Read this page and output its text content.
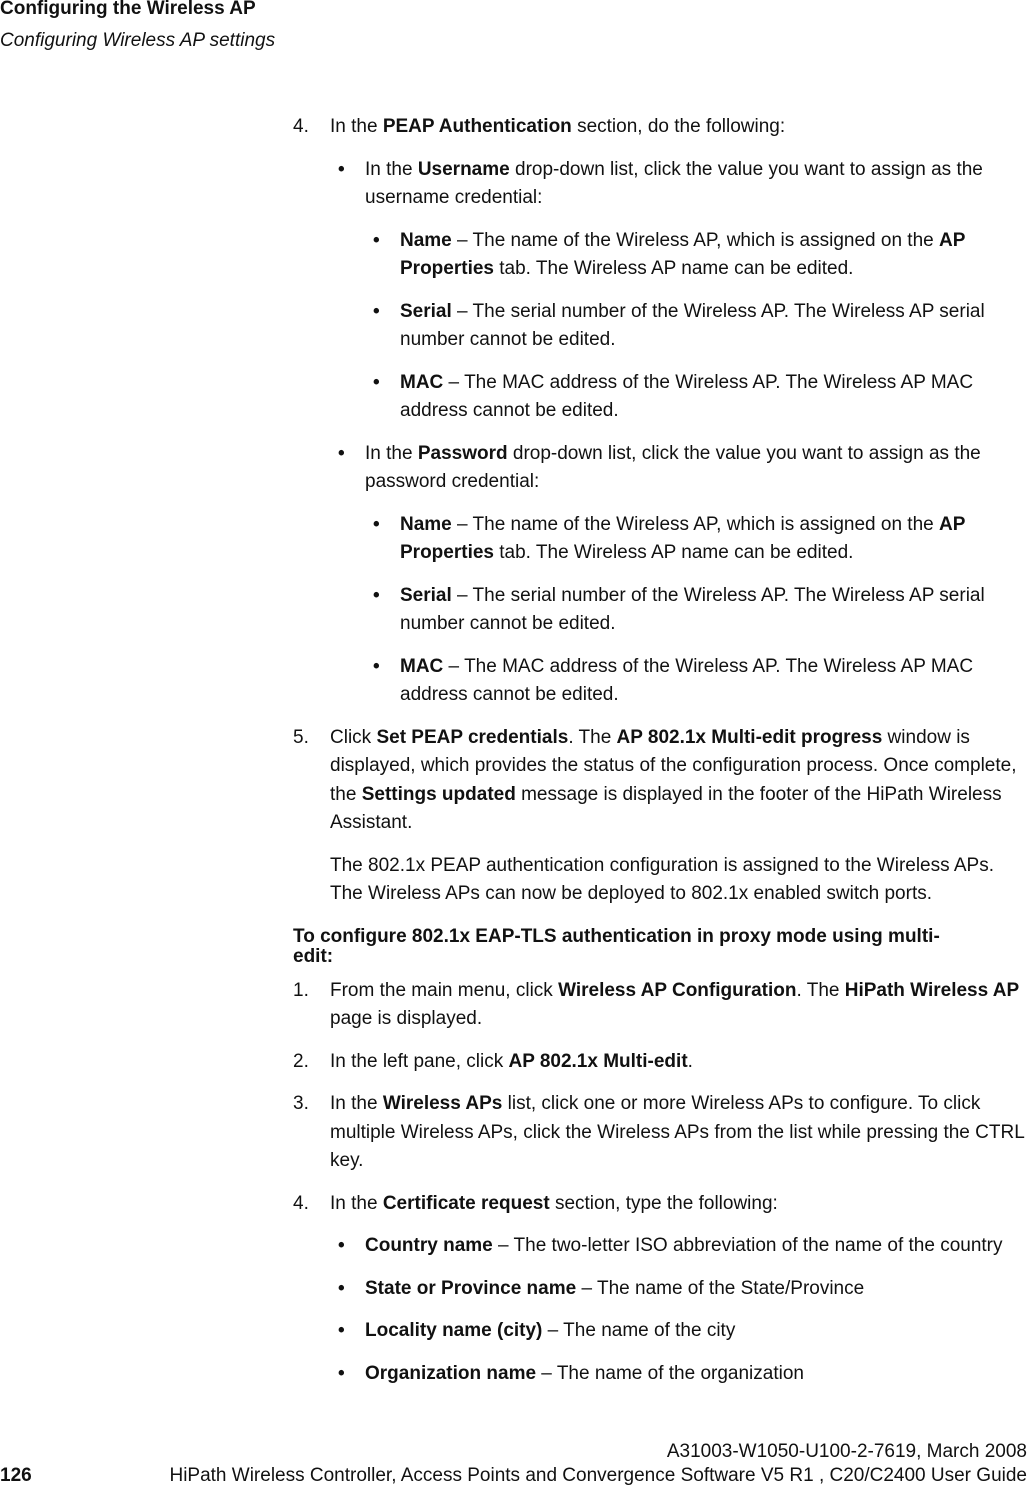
Configuring the Wireless AP
Configuring Wireless AP settings
4. In the PEAP Authentication section, do the following:
• In the Username drop-down list, click the value you want to assign as the username credential:
• Name – The name of the Wireless AP, which is assigned on the AP Properties tab. The Wireless AP name can be edited.
• Serial – The serial number of the Wireless AP. The Wireless AP serial number cannot be edited.
• MAC – The MAC address of the Wireless AP. The Wireless AP MAC address cannot be edited.
• In the Password drop-down list, click the value you want to assign as the password credential:
• Name – The name of the Wireless AP, which is assigned on the AP Properties tab. The Wireless AP name can be edited.
• Serial – The serial number of the Wireless AP. The Wireless AP serial number cannot be edited.
• MAC – The MAC address of the Wireless AP. The Wireless AP MAC address cannot be edited.
5. Click Set PEAP credentials. The AP 802.1x Multi-edit progress window is displayed, which provides the status of the configuration process. Once complete, the Settings updated message is displayed in the footer of the HiPath Wireless Assistant.
The 802.1x PEAP authentication configuration is assigned to the Wireless APs. The Wireless APs can now be deployed to 802.1x enabled switch ports.
To configure 802.1x EAP-TLS authentication in proxy mode using multi-edit:
1. From the main menu, click Wireless AP Configuration. The HiPath Wireless AP page is displayed.
2. In the left pane, click AP 802.1x Multi-edit.
3. In the Wireless APs list, click one or more Wireless APs to configure. To click multiple Wireless APs, click the Wireless APs from the list while pressing the CTRL key.
4. In the Certificate request section, type the following:
• Country name – The two-letter ISO abbreviation of the name of the country
• State or Province name – The name of the State/Province
• Locality name (city) – The name of the city
• Organization name – The name of the organization
A31003-W1050-U100-2-7619, March 2008
126	HiPath Wireless Controller, Access Points and Convergence Software V5 R1 , C20/C2400 User Guide
